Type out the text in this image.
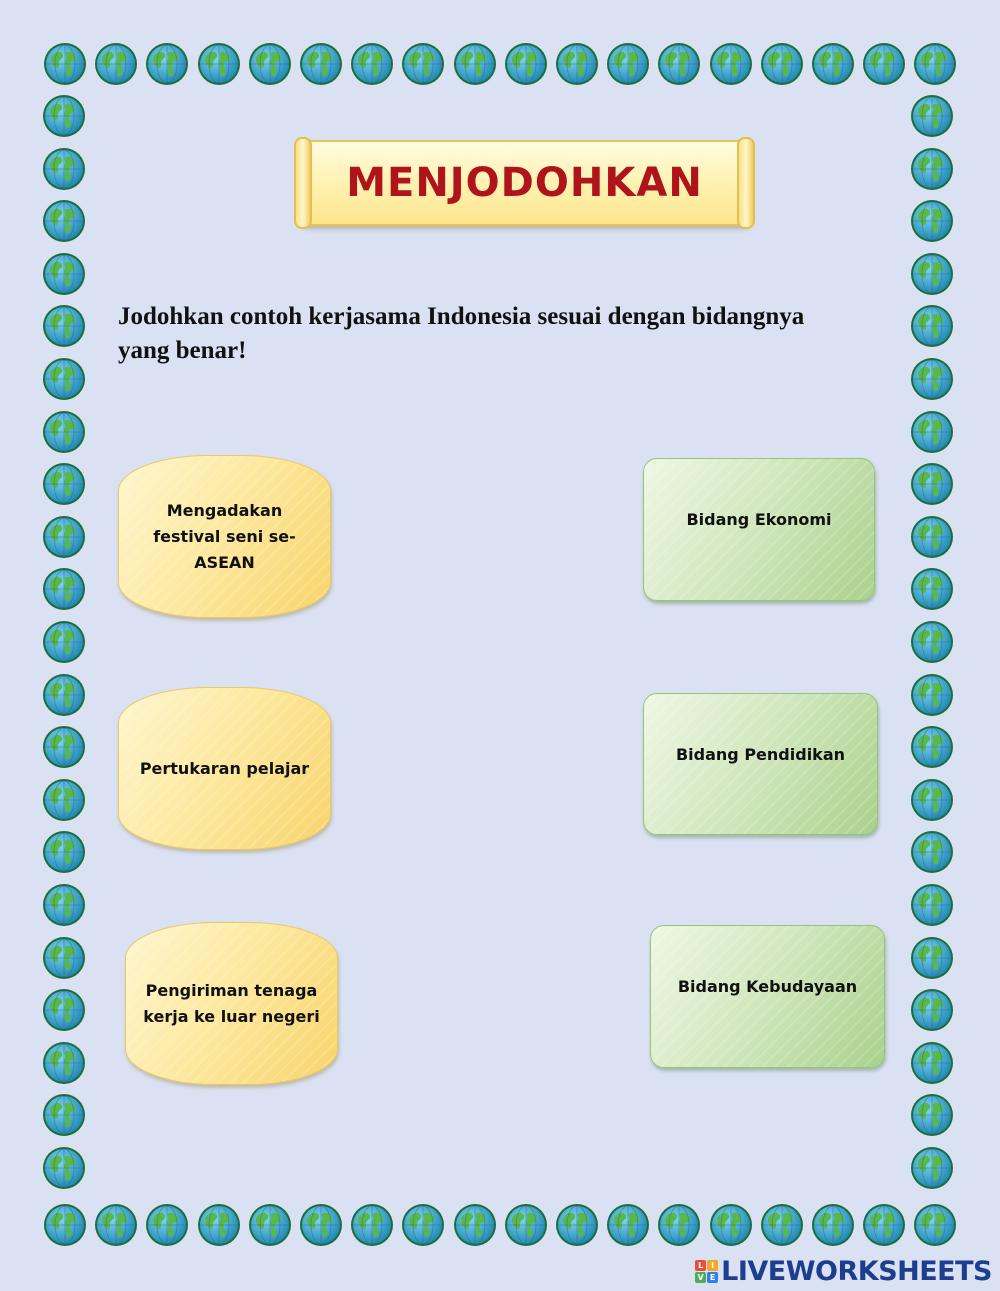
MENJODOHKAN
Jodohkan contoh kerjasama Indonesia sesuai dengan bidangnya yang benar!
Mengadakan festival seni se-ASEAN
Pertukaran pelajar
Pengiriman tenaga kerja ke luar negeri
Bidang Ekonomi
Bidang Pendidikan
Bidang Kebudayaan
L I
V E LIVEWORKSHEETS
